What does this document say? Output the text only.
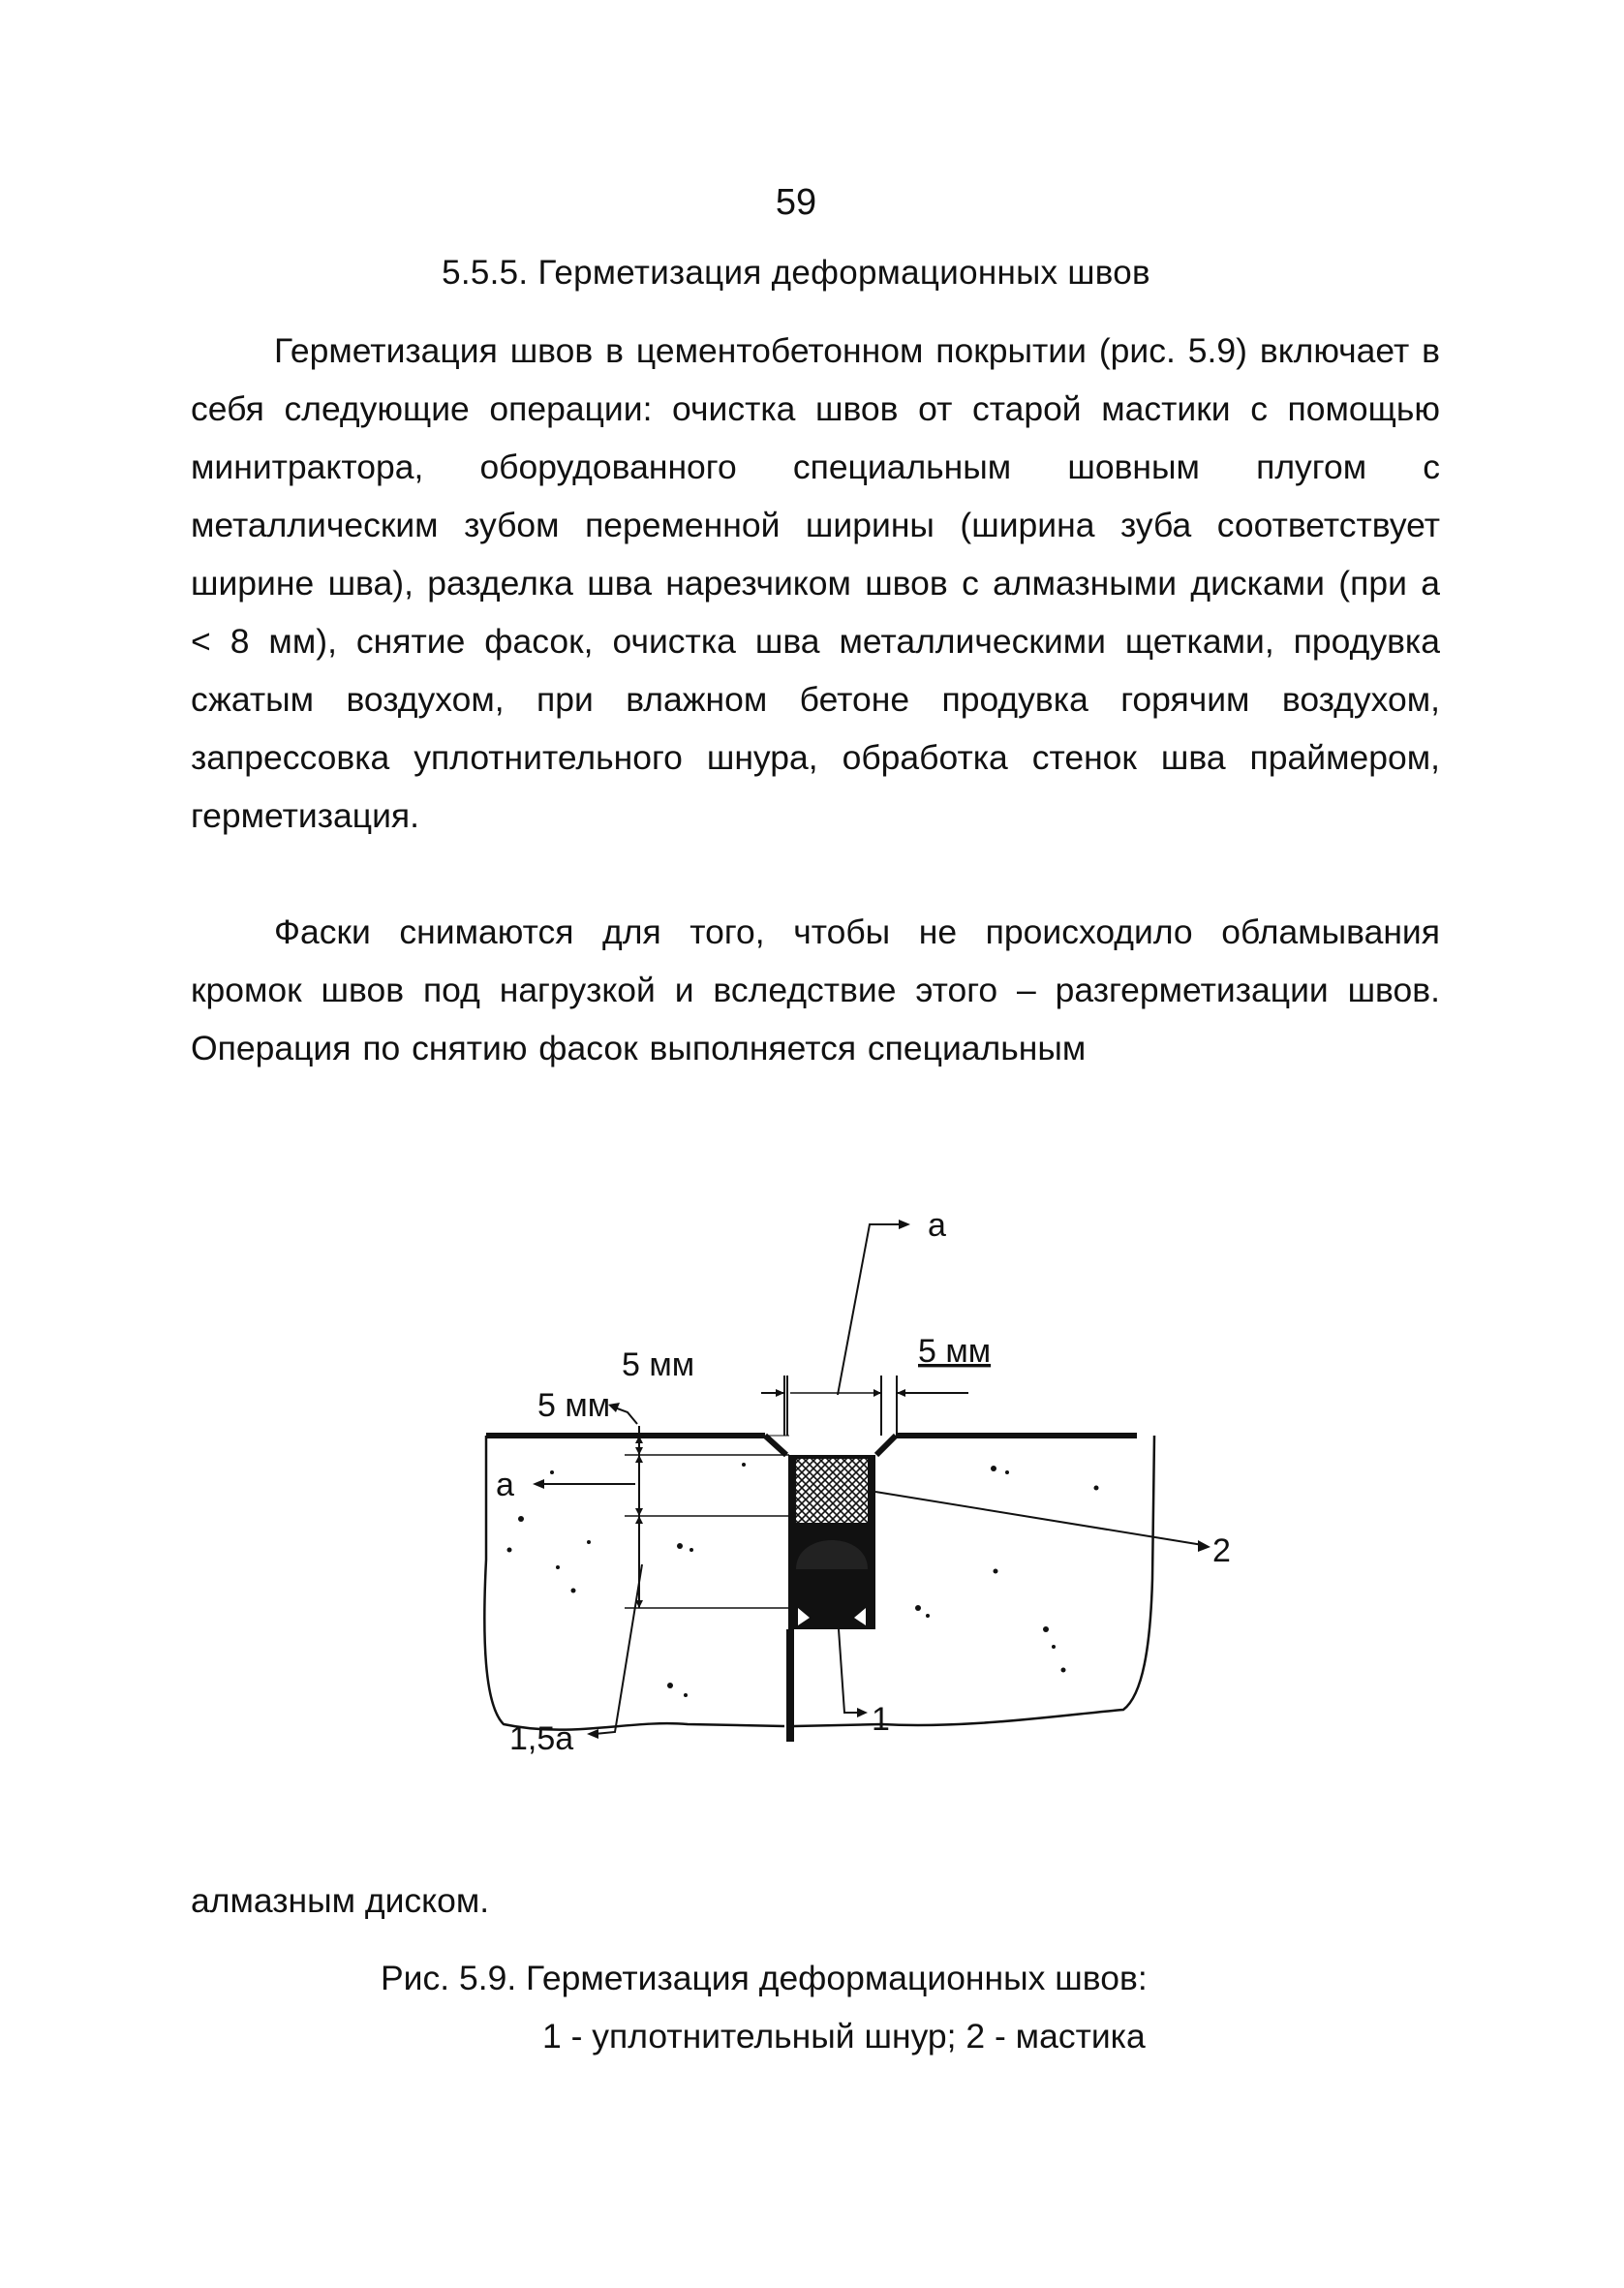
59
5.5.5. Герметизация деформационных швов

Герметизация швов в цементобетонном покрытии (рис. 5.9) включает в себя следующие операции: очистка швов от старой мастики с помощью минитрактора, оборудованного специальным шовным плугом с металлическим зубом переменной ширины (ширина зуба соответствует ширине шва), разделка шва нарезчиком швов с алмазными дисками (при а < 8 мм), снятие фасок, очистка шва металлическими щетками, продувка сжатым воздухом, при влажном бетоне продувка горячим воздухом, запрессовка уплотнительного шнура, обработка стенок шва праймером, герметизация.

Фаски снимаются для того, чтобы не происходило обламывания кромок швов под нагрузкой и вследствие этого – разгерметизации швов. Операция по снятию фасок выполняется специальным

а
5 мм	5 мм
5 мм
а
1,5а
1
2
алмазным диском.
Рис. 5.9. Герметизация деформационных швов:
1 - уплотнительный шнур; 2 - мастика
